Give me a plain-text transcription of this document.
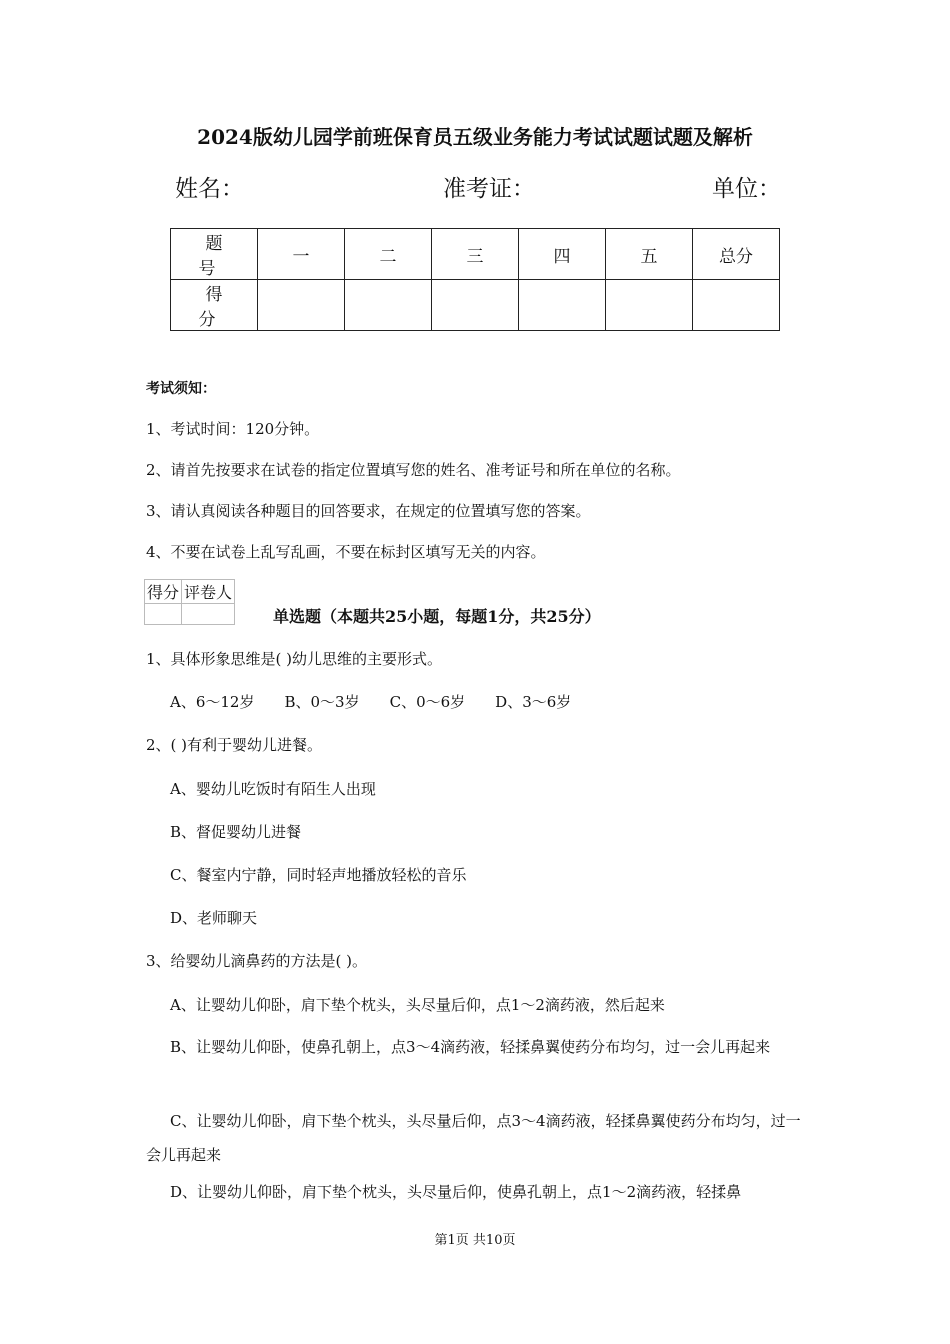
2024版幼儿园学前班保育员五级业务能力考试试题试题及解析
姓名：	准考证：	单位：
题 号	一	二	三	四	五	总分
得 分						
考试须知：
1、考试时间：120分钟。
2、请首先按要求在试卷的指定位置填写您的姓名、准考证号和所在单位的名称。
3、请认真阅读各种题目的回答要求，在规定的位置填写您的答案。
4、不要在试卷上乱写乱画，不要在标封区填写无关的内容。
得分	评卷人

单选题（本题共25小题，每题1分，共25分）
1、具体形象思维是( )幼儿思维的主要形式。
A、6～12岁 B、0～3岁 C、0～6岁 D、3～6岁
2、( )有利于婴幼儿进餐。
A、婴幼儿吃饭时有陌生人出现
B、督促婴幼儿进餐
C、餐室内宁静，同时轻声地播放轻松的音乐
D、老师聊天
3、给婴幼儿滴鼻药的方法是( )。
A、让婴幼儿仰卧，肩下垫个枕头，头尽量后仰，点1～2滴药液，然后起来
B、让婴幼儿仰卧，使鼻孔朝上，点3～4滴药液，轻揉鼻翼使药分布均匀，过一会儿再起来
C、让婴幼儿仰卧，肩下垫个枕头，头尽量后仰，点3～4滴药液，轻揉鼻翼使药分布均匀，过一会儿再起来
D、让婴幼儿仰卧，肩下垫个枕头，头尽量后仰，使鼻孔朝上，点1～2滴药液，轻揉鼻
第1页 共10页
